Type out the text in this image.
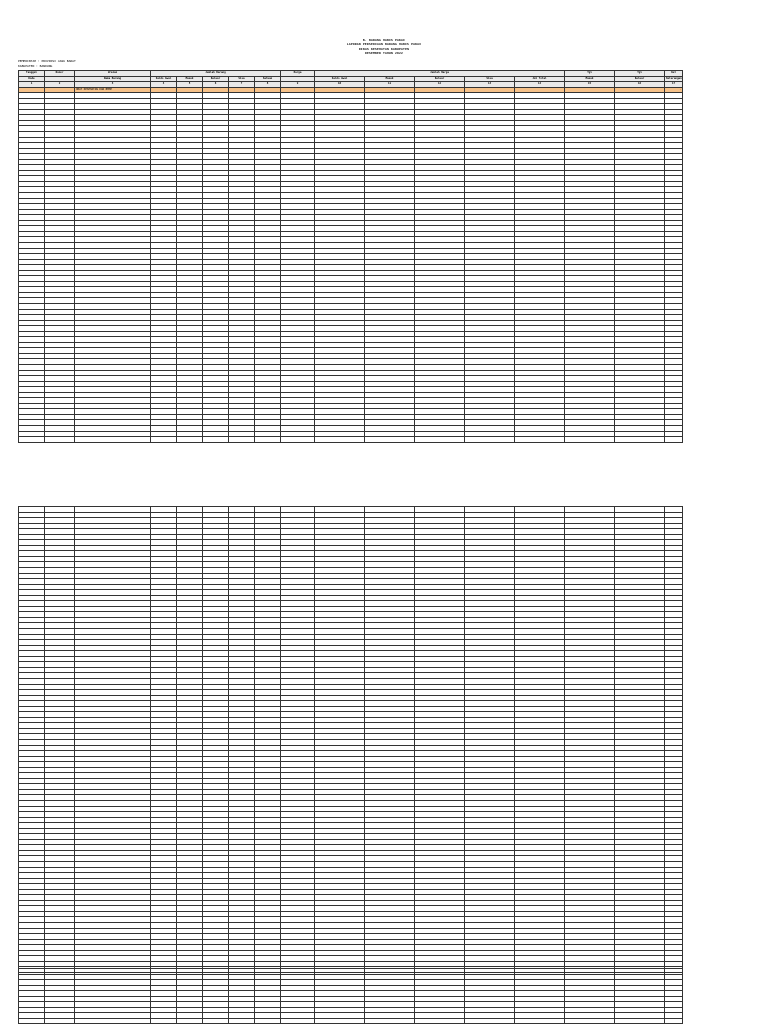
B. BARANG HABIS PAKAI
LAPORAN PERSEDIAAN BARANG HABIS PAKAI
DINAS KESEHATAN KABUPATEN
DESEMBER TAHUN 2022
PEMERINTAH : PROVINSI JAWA BARAT
KABUPATEN : BANDUNG
Tanggal	Nomor	Uraian	Jumlah Barang					Harga	Jumlah Harga					Tgl	Tgl	Ket
Kode		Nama Barang	Saldo Awal	Masuk	Keluar	Sisa	Satuan		Saldo Awal	Masuk	Keluar	Sisa	Jml Total	Masuk	Keluar	Keterangan
1	2	3	4	5	6	7	8	9	10	11	12	13	14	15	16	17
		OBAT KESEHATAN DAN BMHP														-
